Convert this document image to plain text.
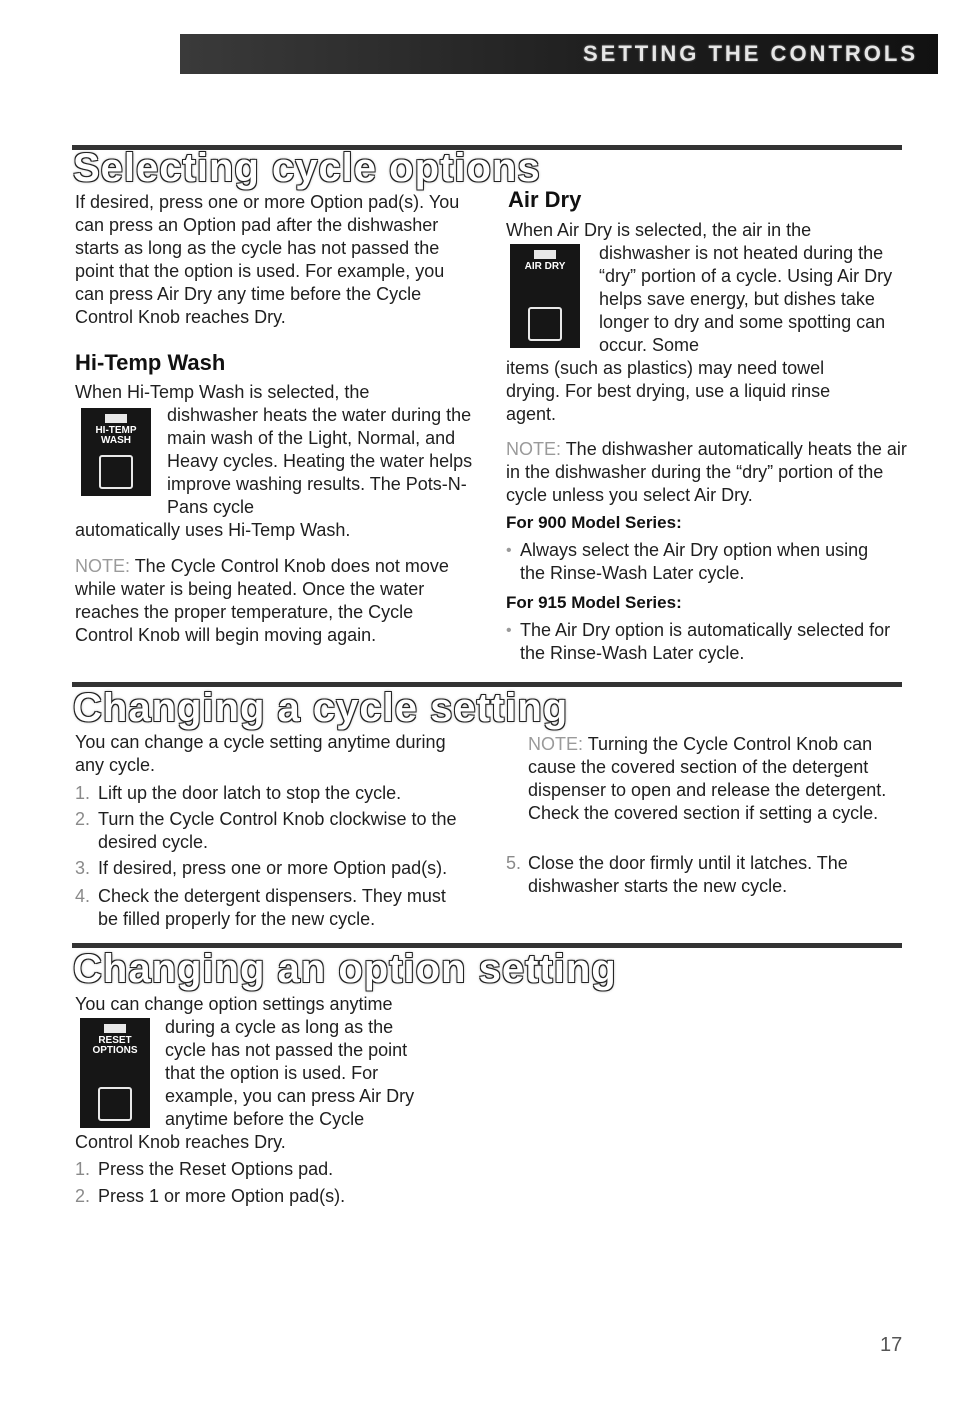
SETTING THE CONTROLS
Selecting cycle options

If desired, press one or more Option pad(s). You can press an Option pad after the dishwasher starts as long as the cycle has not passed the point that the option is used. For example, you can press Air Dry any time before the Cycle Control Knob reaches Dry.

Hi-Temp Wash

When Hi-Temp Wash is selected, the

HI-TEMP WASH

dishwasher heats the water during the main wash of the Light, Normal, and Heavy cycles. Heating the water helps improve washing results. The Pots-N-Pans cycle

automatically uses Hi-Temp Wash.

NOTE: The Cycle Control Knob does not move while water is being heated. Once the water reaches the proper temperature, the Cycle Control Knob will begin moving again.

Air Dry

When Air Dry is selected, the air in the

AIR DRY

dishwasher is not heated during the “dry” portion of a cycle. Using Air Dry helps save energy, but dishes take longer to dry and some spotting can occur. Some

items (such as plastics) may need towel drying. For best drying, use a liquid rinse agent.

NOTE: The dishwasher automatically heats the air in the dishwasher during the “dry” portion of the cycle unless you select Air Dry.

For 900 Model Series:
• Always select the Air Dry option when using the Rinse-Wash Later cycle.

For 915 Model Series:
• The Air Dry option is automatically selected for the Rinse-Wash Later cycle.

Changing a cycle setting

You can change a cycle setting anytime during any cycle.

1. Lift up the door latch to stop the cycle.

2. Turn the Cycle Control Knob clockwise to the desired cycle.

3. If desired, press one or more Option pad(s).

4. Check the detergent dispensers. They must be filled properly for the new cycle.

NOTE: Turning the Cycle Control Knob can cause the covered section of the detergent dispenser to open and release the detergent. Check the covered section if setting a cycle.

5. Close the door firmly until it latches. The dishwasher starts the new cycle.

Changing an option setting

You can change option settings anytime

RESET OPTIONS

during a cycle as long as the cycle has not passed the point that the option is used. For example, you can press Air Dry anytime before the Cycle

Control Knob reaches Dry.

1. Press the Reset Options pad.

2. Press 1 or more Option pad(s).

17
